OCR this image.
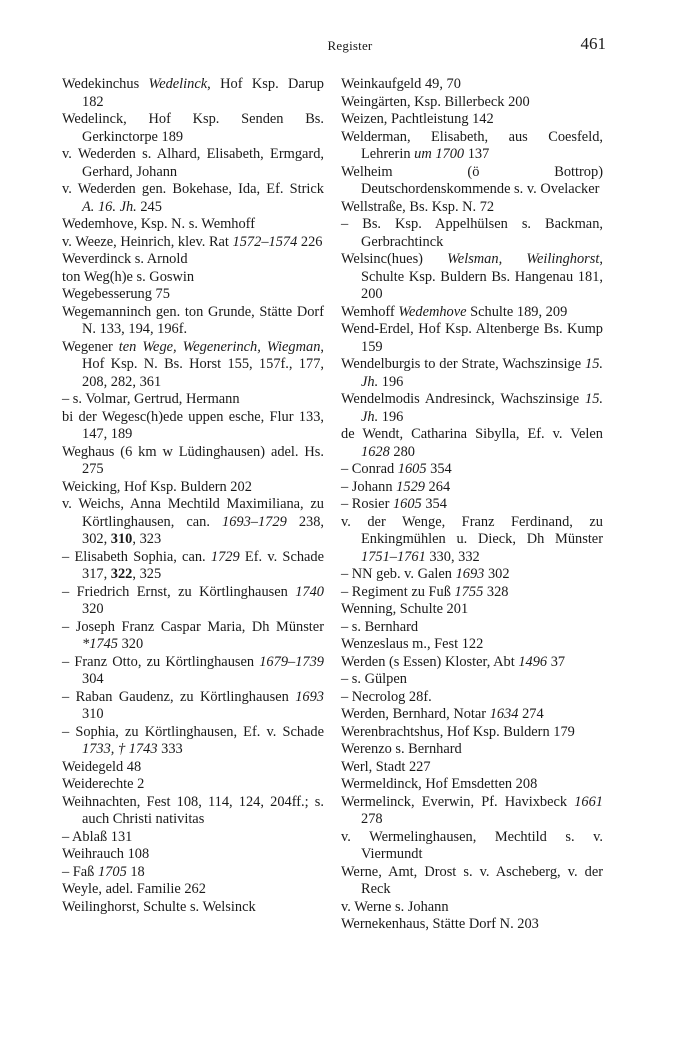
Register	461

Wedekinchus Wedelinck, Hof Ksp. Darup 182

Wedelinck, Hof Ksp. Senden Bs. Gerkinctorpe 189

v. Wederden s. Alhard, Elisabeth, Ermgard, Gerhard, Johann

v. Wederden gen. Bokehase, Ida, Ef. Strick A. 16. Jh. 245

Wedemhove, Ksp. N. s. Wemhoff

v. Weeze, Heinrich, klev. Rat 1572–1574 226

Weverdinck s. Arnold

ton Weg(h)e s. Goswin

Wegebesserung 75

Wegemanninch gen. ton Grunde, Stätte Dorf N. 133, 194, 196f.

Wegener ten Wege, Wegenerinch, Wiegman, Hof Ksp. N. Bs. Horst 155, 157f., 177, 208, 282, 361

– s. Volmar, Gertrud, Hermann

bi der Wegesc(h)ede uppen esche, Flur 133, 147, 189

Weghaus (6 km w Lüdinghausen) adel. Hs. 275

Weicking, Hof Ksp. Buldern 202

v. Weichs, Anna Mechtild Maximiliana, zu Körtlinghausen, can. 1693–1729 238, 302, 310, 323

– Elisabeth Sophia, can. 1729 Ef. v. Schade 317, 322, 325

– Friedrich Ernst, zu Körtlinghausen 1740 320

– Joseph Franz Caspar Maria, Dh Münster *1745 320

– Franz Otto, zu Körtlinghausen 1679–1739 304

– Raban Gaudenz, zu Körtlinghausen 1693 310

– Sophia, zu Körtlinghausen, Ef. v. Schade 1733, † 1743 333

Weidegeld 48

Weiderechte 2

Weihnachten, Fest 108, 114, 124, 204ff.; s. auch Christi nativitas

– Ablaß 131

Weihrauch 108

– Faß 1705 18

Weyle, adel. Familie 262

Weilinghorst, Schulte s. Welsinck

Weinkaufgeld 49, 70

Weingärten, Ksp. Billerbeck 200

Weizen, Pachtleistung 142

Welderman, Elisabeth, aus Coesfeld, Lehrerin um 1700 137

Welheim (ö Bottrop) Deutschordenskommende s. v. Ovelacker

Wellstraße, Bs. Ksp. N. 72

– Bs. Ksp. Appelhülsen s. Backman, Gerbrachtinck

Welsinc(hues) Welsman, Weilinghorst, Schulte Ksp. Buldern Bs. Hangenau 181, 200

Wemhoff Wedemhove Schulte 189, 209

Wend-Erdel, Hof Ksp. Altenberge Bs. Kump 159

Wendelburgis to der Strate, Wachszinsige 15. Jh. 196

Wendelmodis Andresinck, Wachszinsige 15. Jh. 196

de Wendt, Catharina Sibylla, Ef. v. Velen 1628 280

– Conrad 1605 354

– Johann 1529 264

– Rosier 1605 354

v. der Wenge, Franz Ferdinand, zu Enkingmühlen u. Dieck, Dh Münster 1751–1761 330, 332

– NN geb. v. Galen 1693 302

– Regiment zu Fuß 1755 328

Wenning, Schulte 201

– s. Bernhard

Wenzeslaus m., Fest 122

Werden (s Essen) Kloster, Abt 1496 37

– s. Gülpen

– Necrolog 28f.

Werden, Bernhard, Notar 1634 274

Werenbrachtshus, Hof Ksp. Buldern 179

Werenzo s. Bernhard

Werl, Stadt 227

Wermeldinck, Hof Emsdetten 208

Wermelinck, Everwin, Pf. Havixbeck 1661 278

v. Wermelinghausen, Mechtild s. v. Viermundt

Werne, Amt, Drost s. v. Ascheberg, v. der Reck

v. Werne s. Johann

Wernekenhaus, Stätte Dorf N. 203
